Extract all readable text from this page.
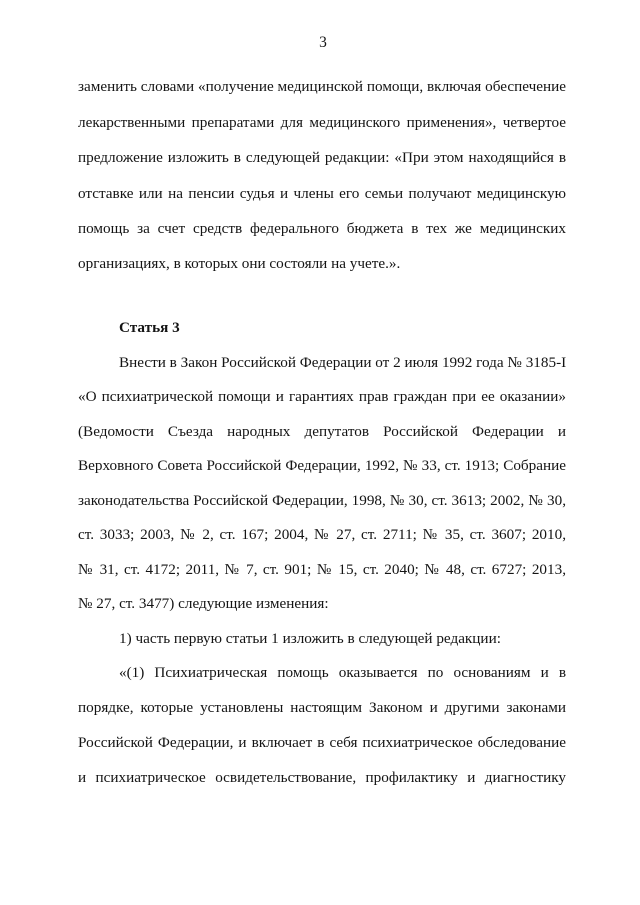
3
заменить словами «получение медицинской помощи, включая обеспечение
лекарственными препаратами для медицинского применения», четвертое
предложение изложить в следующей редакции: «При этом находящийся в
отставке или на пенсии судья и члены его семьи получают медицинскую
помощь за счет средств федерального бюджета в тех же медицинских
организациях, в которых они состояли на учете.».
Статья 3
Внести в Закон Российской Федерации от 2 июля 1992 года № 3185-I
«О психиатрической помощи и гарантиях прав граждан при ее оказании»
(Ведомости Съезда народных депутатов Российской Федерации и
Верховного Совета Российской Федерации, 1992, № 33, ст. 1913; Собрание
законодательства Российской Федерации, 1998, № 30, ст. 3613; 2002, № 30,
ст. 3033; 2003, № 2, ст. 167; 2004, № 27, ст. 2711; № 35, ст. 3607; 2010,
№ 31, ст. 4172; 2011, № 7, ст. 901; № 15, ст. 2040; № 48, ст. 6727; 2013,
№ 27, ст. 3477) следующие изменения:
1) часть первую статьи 1 изложить в следующей редакции:
«(1) Психиатрическая помощь оказывается по основаниям и в
порядке, которые установлены настоящим Законом и другими законами
Российской Федерации, и включает в себя психиатрическое обследование
и психиатрическое освидетельствование, профилактику и диагностику
